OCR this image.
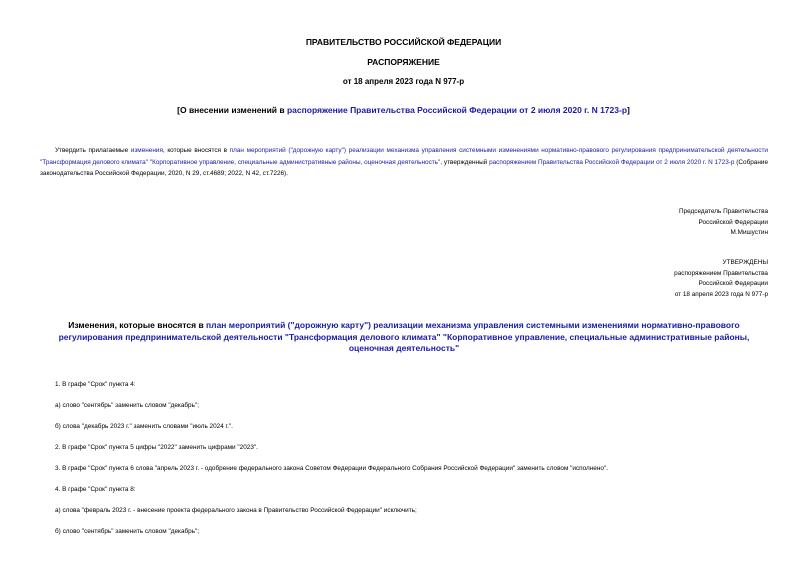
ПРАВИТЕЛЬСТВО РОССИЙСКОЙ ФЕДЕРАЦИИ
РАСПОРЯЖЕНИЕ
от 18 апреля 2023 года N 977-р
[О внесении изменений в распоряжение Правительства Российской Федерации от 2 июля 2020 г. N 1723-р]
Утвердить прилагаемые изменения, которые вносятся в план мероприятий ("дорожную карту") реализации механизма управления системными изменениями нормативно-правового регулирования предпринимательской деятельности "Трансформация делового климата" "Корпоративное управление, специальные административные районы, оценочная деятельность", утвержденный распоряжением Правительства Российской Федерации от 2 июля 2020 г. N 1723-р (Собрание законодательства Российской Федерации, 2020, N 29, ст.4689; 2022, N 42, ст.7226).
Председатель Правительства
Российской Федерации
М.Мишустин
УТВЕРЖДЕНЫ
распоряжением Правительства
Российской Федерации
от 18 апреля 2023 года N 977-р
Изменения, которые вносятся в план мероприятий ("дорожную карту") реализации механизма управления системными изменениями нормативно-правового регулирования предпринимательской деятельности "Трансформация делового климата" "Корпоративное управление, специальные административные районы, оценочная деятельность"
1. В графе "Срок" пункта 4:
а) слово "сентябрь" заменить словом "декабрь";
б) слова "декабрь 2023 г." заменить словами "июль 2024 г.".
2. В графе "Срок" пункта 5 цифры "2022" заменить цифрами "2023".
3. В графе "Срок" пункта 6 слова "апрель 2023 г. - одобрение федерального закона Советом Федерации Федерального Собрания Российской Федерации" заменить словом "исполнено".
4. В графе "Срок" пункта 8:
а) слова "февраль 2023 г. - внесение проекта федерального закона в Правительство Российской Федерации" исключить;
б) слово "сентябрь" заменить словом "декабрь";
